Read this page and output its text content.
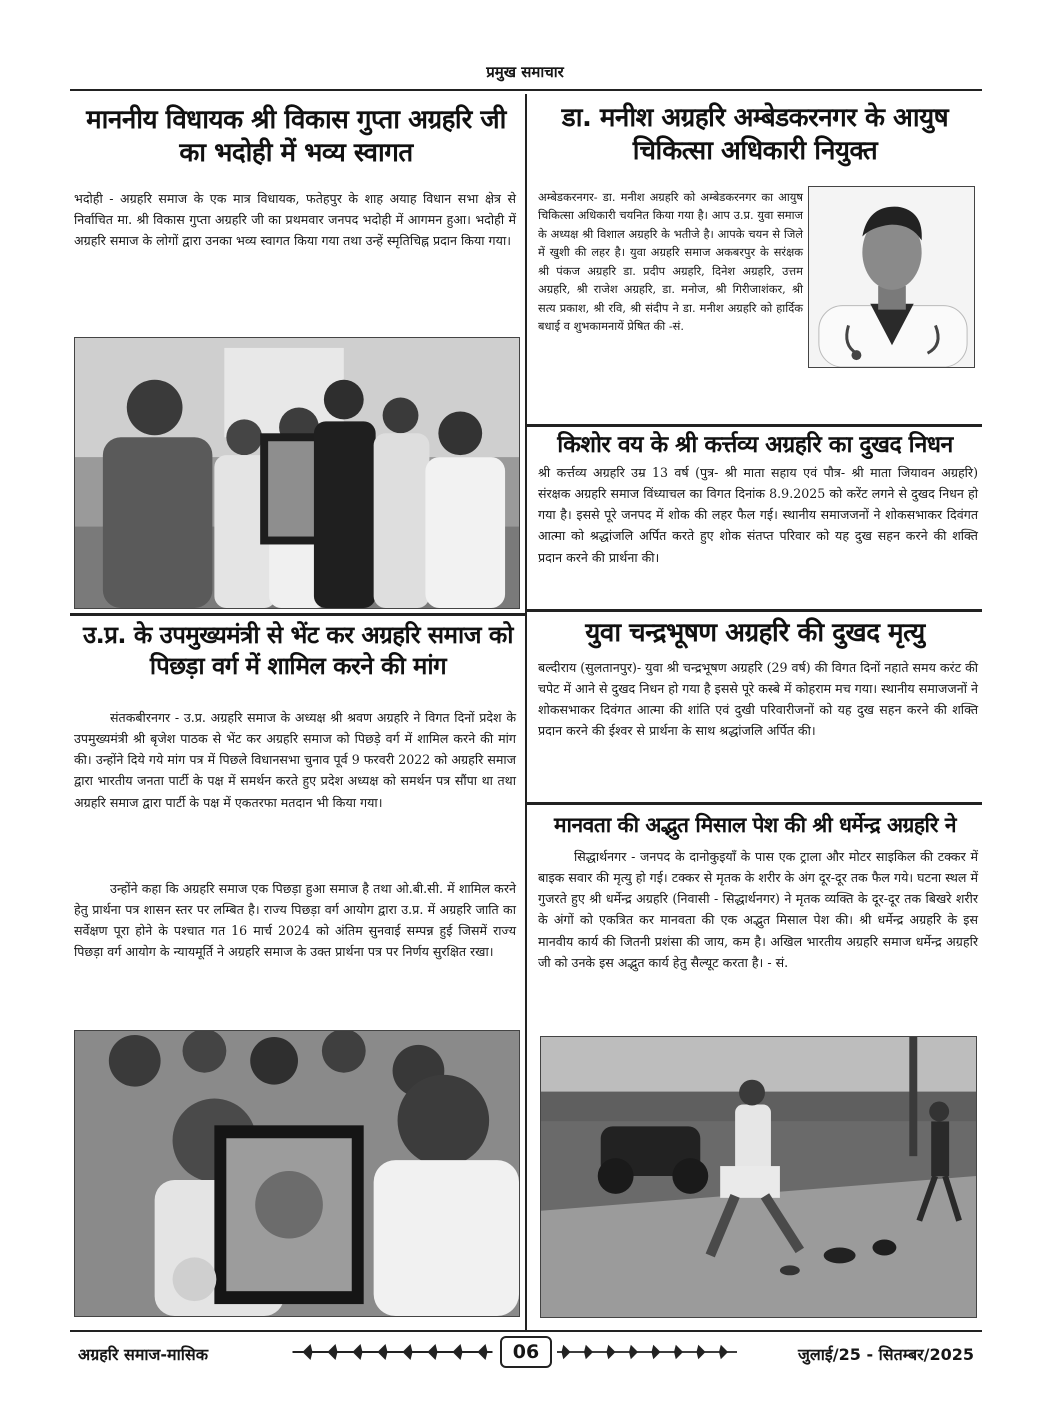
प्रमुख समाचार
माननीय विधायक श्री विकास गुप्ता अग्रहरि जी का भदोही में भव्य स्वागत

भदोही - अग्रहरि समाज के एक मात्र विधायक, फतेहपुर के शाह अयाह विधान सभा क्षेत्र से निर्वाचित मा. श्री विकास गुप्ता अग्रहरि जी का प्रथमवार जनपद भदोही में आगमन हुआ। भदोही में अग्रहरि समाज के लोगों द्वारा उनका भव्य स्वागत किया गया तथा उन्हें स्मृतिचिह्न प्रदान किया गया।

उ.प्र. के उपमुख्यमंत्री से भेंट कर अग्रहरि समाज को पिछड़ा वर्ग में शामिल करने की मांग

संतकबीरनगर - उ.प्र. अग्रहरि समाज के अध्यक्ष श्री श्रवण अग्रहरि ने विगत दिनों प्रदेश के उपमुख्यमंत्री श्री बृजेश पाठक से भेंट कर अग्रहरि समाज को पिछड़े वर्ग में शामिल करने की मांग की। उन्होंने दिये गये मांग पत्र में पिछले विधानसभा चुनाव पूर्व 9 फरवरी 2022 को अग्रहरि समाज द्वारा भारतीय जनता पार्टी के पक्ष में समर्थन करते हुए प्रदेश अध्यक्ष को समर्थन पत्र सौंपा था तथा अग्रहरि समाज द्वारा पार्टी के पक्ष में एकतरफा मतदान भी किया गया।

उन्होंने कहा कि अग्रहरि समाज एक पिछड़ा हुआ समाज है तथा ओ.बी.सी. में शामिल करने हेतु प्रार्थना पत्र शासन स्तर पर लम्बित है। राज्य पिछड़ा वर्ग आयोग द्वारा उ.प्र. में अग्रहरि जाति का सर्वेक्षण पूरा होने के पश्चात गत 16 मार्च 2024 को अंतिम सुनवाई सम्पन्न हुई जिसमें राज्य पिछड़ा वर्ग आयोग के न्यायमूर्ति ने अग्रहरि समाज के उक्त प्रार्थना पत्र पर निर्णय सुरक्षित रखा।

डा. मनीश अग्रहरि अम्बेडकरनगर के आयुष चिकित्सा अधिकारी नियुक्त

अम्बेडकरनगर- डा. मनीश अग्रहरि को अम्बेडकरनगर का आयुष चिकित्सा अधिकारी चयनित किया गया है। आप उ.प्र. युवा समाज के अध्यक्ष श्री विशाल अग्रहरि के भतीजे है। आपके चयन से जिले में खुशी की लहर है। युवा अग्रहरि समाज अकबरपुर के सरंक्षक श्री पंकज अग्रहरि डा. प्रदीप अग्रहरि, दिनेश अग्रहरि, उत्तम अग्रहरि, श्री राजेश अग्रहरि, डा. मनोज, श्री गिरीजाशंकर, श्री सत्य प्रकाश, श्री रवि, श्री संदीप ने डा. मनीश अग्रहरि को हार्दिक बधाई व शुभकामनायें प्रेषित की -सं.

किशोर वय के श्री कर्त्तव्य अग्रहरि का दुखद निधन

श्री कर्त्तव्य अग्रहरि उम्र 13 वर्ष (पुत्र- श्री माता सहाय एवं पौत्र- श्री माता जियावन अग्रहरि) संरक्षक अग्रहरि समाज विंध्याचल का विगत दिनांक 8.9.2025 को करेंट लगने से दुखद निधन हो गया है। इससे पूरे जनपद में शोक की लहर फैल गई। स्थानीय समाजजनों ने शोकसभाकर दिवंगत आत्मा को श्रद्धांजलि अर्पित करते हुए शोक संतप्त परिवार को यह दुख सहन करने की शक्ति प्रदान करने की प्रार्थना की।

युवा चन्द्रभूषण अग्रहरि की दुखद मृत्यु

बल्दीराय (सुलतानपुर)- युवा श्री चन्द्रभूषण अग्रहरि (29 वर्ष) की विगत दिनों नहाते समय करंट की चपेट में आने से दुखद निधन हो गया है इससे पूरे कस्बे में कोहराम मच गया। स्थानीय समाजजनों ने शोकसभाकर दिवंगत आत्मा की शांति एवं दुखी परिवारीजनों को यह दुख सहन करने की शक्ति प्रदान करने की ईश्वर से प्रार्थना के साथ श्रद्धांजलि अर्पित की।

मानवता की अद्भुत मिसाल पेश की श्री धर्मेन्द्र अग्रहरि ने

सिद्धार्थनगर - जनपद के दानोकुइयाँ के पास एक ट्राला और मोटर साइकिल की टक्कर में बाइक सवार की मृत्यु हो गई। टक्कर से मृतक के शरीर के अंग दूर-दूर तक फैल गये। घटना स्थल में गुजरते हुए श्री धर्मेन्द्र अग्रहरि (निवासी - सिद्धार्थनगर) ने मृतक व्यक्ति के दूर-दूर तक बिखरे शरीर के अंगों को एकत्रित कर मानवता की एक अद्भुत मिसाल पेश की। श्री धर्मेन्द्र अग्रहरि के इस मानवीय कार्य की जितनी प्रशंसा की जाय, कम है। अखिल भारतीय अग्रहरि समाज धर्मेन्द्र अग्रहरि जी को उनके इस अद्भुत कार्य हेतु सैल्यूट करता है। - सं.

अग्रहरि समाज-मासिक	06	जुलाई/25 - सितम्बर/2025
